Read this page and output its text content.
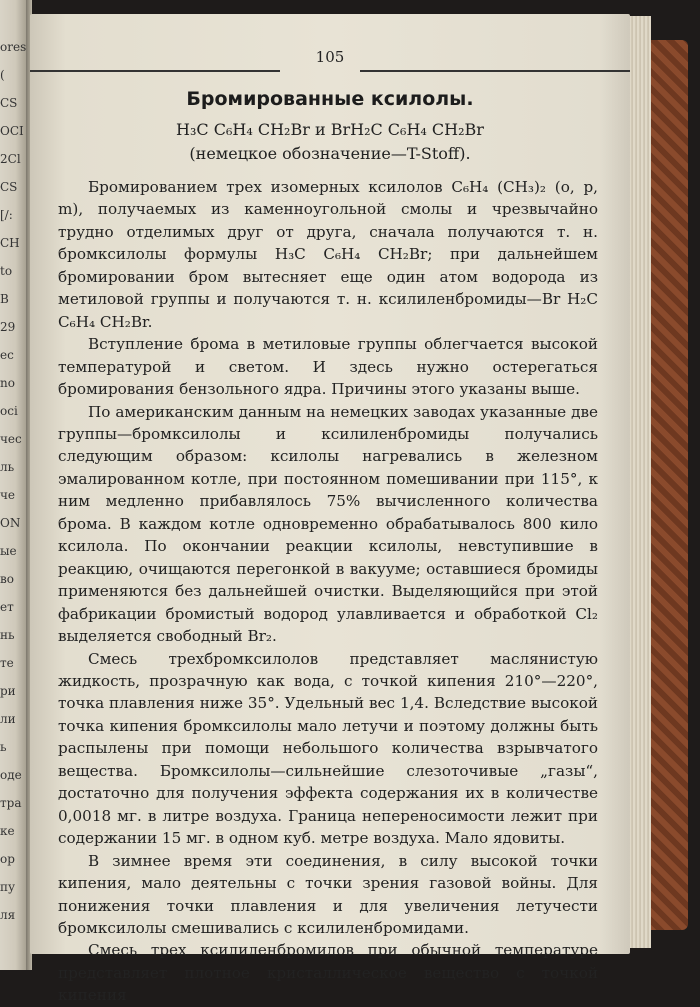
ores
(
CS
OCI
2Cl
CS
[/:
CH
to
B
29
ec
no
oci
чес
ль
че
ON
ые
во
ет
нь
те
ри
ли
ь
оде
тра
ке
ор
пу
ля
105
Бромированные ксилолы.
H₃C C₆H₄ CH₂Br и BrH₂C C₆H₄ CH₂Br
(немецкое обозначение—T-Stoff).

Бромированием трех изомерных ксилолов C₆H₄ (CH₃)₂ (o, p, m), получаемых из каменноугольной смолы и чрезвычайно трудно отделимых друг от друга, сначала получаются т. н. бромксилолы формулы H₃C C₆H₄ CH₂Br; при дальнейшем бромировании бром вытесняет еще один атом водорода из метиловой группы и получаются т. н. ксилиленбромиды—Br H₂C C₆H₄ CH₂Br.

Вступление брома в метиловые группы облегчается высокой температурой и светом. И здесь нужно остерегаться бромирования бензольного ядра. Причины этого указаны выше.

По американским данным на немецких заводах указанные две группы—бромксилолы и ксилиленбромиды получались следующим образом: ксилолы нагревались в железном эмалированном котле, при постоянном помешивании при 115°, к ним медленно прибавлялось 75% вычисленного количества брома. В каждом котле одновременно обрабатывалось 800 кило ксилола. По окончании реакции ксилолы, невступившие в реакцию, очищаются перегонкой в вакууме; оставшиеся бромиды применяются без дальнейшей очистки. Выделяющийся при этой фабрикации бромистый водород улавливается и обработкой Cl₂ выделяется свободный Br₂.

Смесь трехбромксилолов представляет маслянистую жидкость, прозрачную как вода, с точкой кипения 210°—220°, точка плавления ниже 35°. Удельный вес 1,4. Вследствие высокой точка кипения бромксилолы мало летучи и поэтому должны быть распылены при помощи небольшого количества взрывчатого вещества. Бромксилолы—сильнейшие слезоточивые „газы“, достаточно для получения эффекта содержания их в количестве 0,0018 мг. в литре воздуха. Граница непереносимости лежит при содержании 15 мг. в одном куб. метре воздуха. Мало ядовиты.

В зимнее время эти соединения, в силу высокой точки кипения, мало деятельны с точки зрения газовой войны. Для понижения точки плавления и для увеличения летучести бромксилолы смешивались с ксилиленбромидами.

Смесь трех ксилиленбромидов при обычной температуре представляет плотное кристаллическое вещество с точкой кипения
